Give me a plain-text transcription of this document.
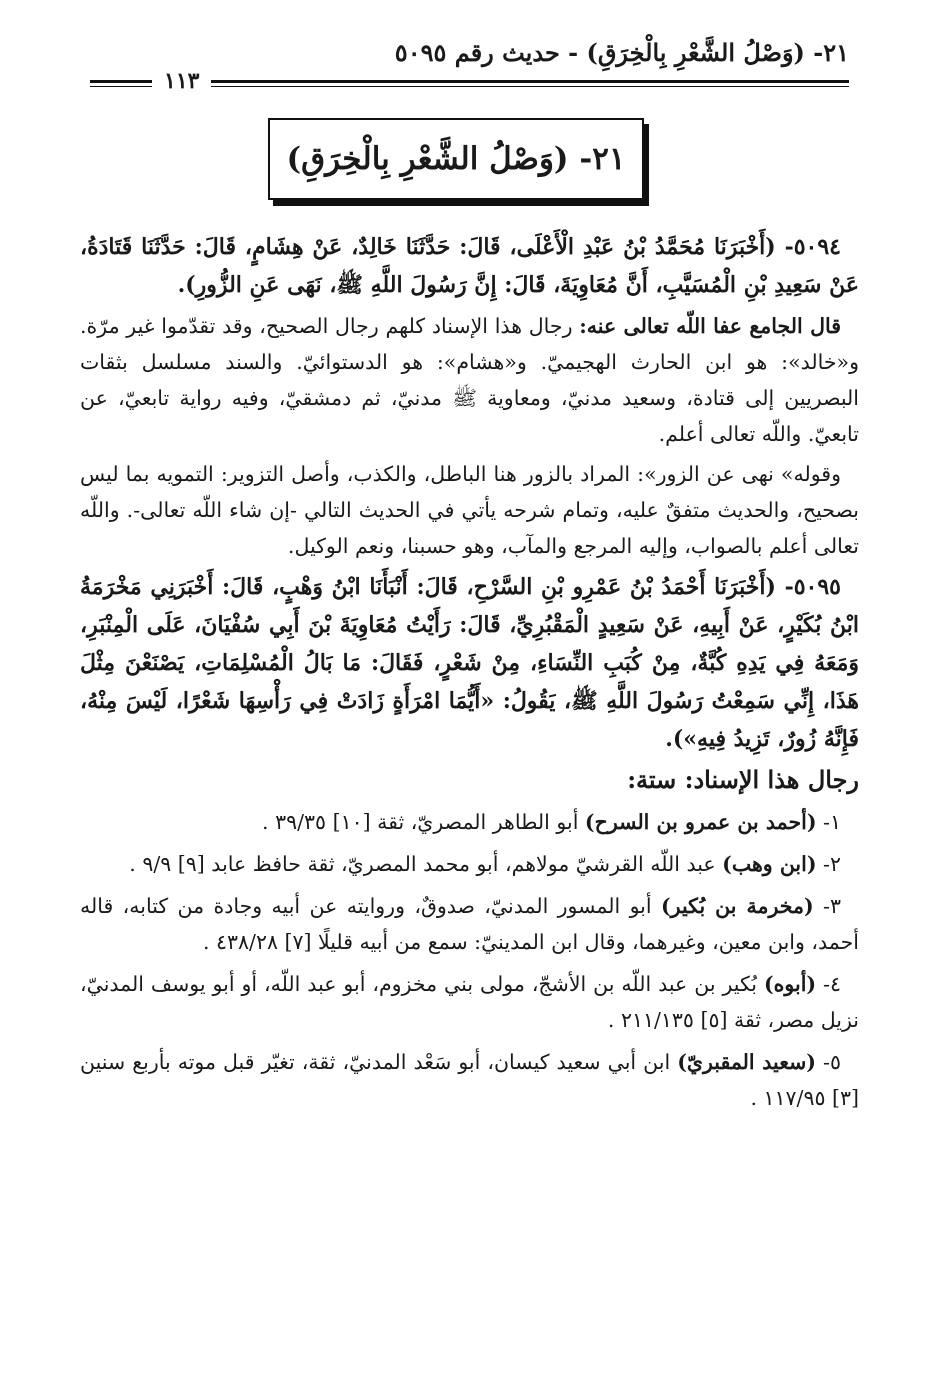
٢١- (وَصْلُ الشَّعْرِ بِالْخِرَقِ) - حديث رقم ٥٠٩٥
١١٣
٢١- (وَصْلُ الشَّعْرِ بِالْخِرَقِ)

٥٠٩٤- (أَخْبَرَنَا مُحَمَّدُ بْنُ عَبْدِ الْأَعْلَى، قَالَ: حَدَّثَنَا خَالِدٌ، عَنْ هِشَامٍ، قَالَ: حَدَّثَنَا قَتَادَةُ، عَنْ سَعِيدِ بْنِ الْمُسَيَّبِ، أَنَّ مُعَاوِيَةَ، قَالَ: إِنَّ رَسُولَ اللَّهِ ﷺ، نَهَى عَنِ الزُّورِ).

قال الجامع عفا اللّه تعالى عنه: رجال هذا الإسناد كلهم رجال الصحيح، وقد تقدّموا غير مرّة. و«خالد»: هو ابن الحارث الهجيميّ. و«هشام»: هو الدستوائيّ. والسند مسلسل بثقات البصريين إلى قتادة، وسعيد مدنيّ، ومعاوية ﷺ مدنيّ، ثم دمشقيّ، وفيه رواية تابعيّ، عن تابعيّ. واللّه تعالى أعلم.

وقوله» نهى عن الزور»: المراد بالزور هنا الباطل، والكذب، وأصل التزوير: التمويه بما ليس بصحيح، والحديث متفقٌ عليه، وتمام شرحه يأتي في الحديث التالي -إن شاء اللّه تعالى-. واللّه تعالى أعلم بالصواب، وإليه المرجع والمآب، وهو حسبنا، ونعم الوكيل.

٥٠٩٥- (أَخْبَرَنَا أَحْمَدُ بْنُ عَمْرِو بْنِ السَّرْحِ، قَالَ: أَنْبَأَنَا ابْنُ وَهْبٍ، قَالَ: أَخْبَرَنِي مَخْرَمَةُ ابْنُ بُكَيْرٍ، عَنْ أَبِيهِ، عَنْ سَعِيدٍ الْمَقْبُرِيِّ، قَالَ: رَأَيْتُ مُعَاوِيَةَ بْنَ أَبِي سُفْيَانَ، عَلَى الْمِنْبَرِ، وَمَعَهُ فِي يَدِهِ كُبَّةٌ، مِنْ كُبَبِ النِّسَاءِ، مِنْ شَعْرٍ، فَقَالَ: مَا بَالُ الْمُسْلِمَاتِ، يَصْنَعْنَ مِثْلَ هَذَا، إِنِّي سَمِعْتُ رَسُولَ اللَّهِ ﷺ، يَقُولُ: «أَيُّمَا امْرَأَةٍ زَادَتْ فِي رَأْسِهَا شَعْرًا، لَيْسَ مِنْهُ، فَإِنَّهُ زُورٌ، تَزِيدُ فِيهِ»).

رجال هذا الإسناد: ستة:

١- (أحمد بن عمرو بن السرح) أبو الطاهر المصريّ، ثقة [١٠] ٣٩/٣٥ .

٢- (ابن وهب) عبد اللّه القرشيّ مولاهم، أبو محمد المصريّ، ثقة حافظ عابد [٩] ٩/٩ .

٣- (مخرمة بن بُكير) أبو المسور المدنيّ، صدوقٌ، وروايته عن أبيه وجادة من كتابه، قاله أحمد، وابن معين، وغيرهما، وقال ابن المدينيّ: سمع من أبيه قليلًا [٧] ٤٣٨/٢٨ .

٤- (أبوه) بُكير بن عبد اللّه بن الأشجّ، مولى بني مخزوم، أبو عبد اللّه، أو أبو يوسف المدنيّ، نزيل مصر، ثقة [٥] ٢١١/١٣٥ .

٥- (سعيد المقبريّ) ابن أبي سعيد كيسان، أبو سَعْد المدنيّ، ثقة، تغيّر قبل موته بأربع سنين [٣] ١١٧/٩٥ .
